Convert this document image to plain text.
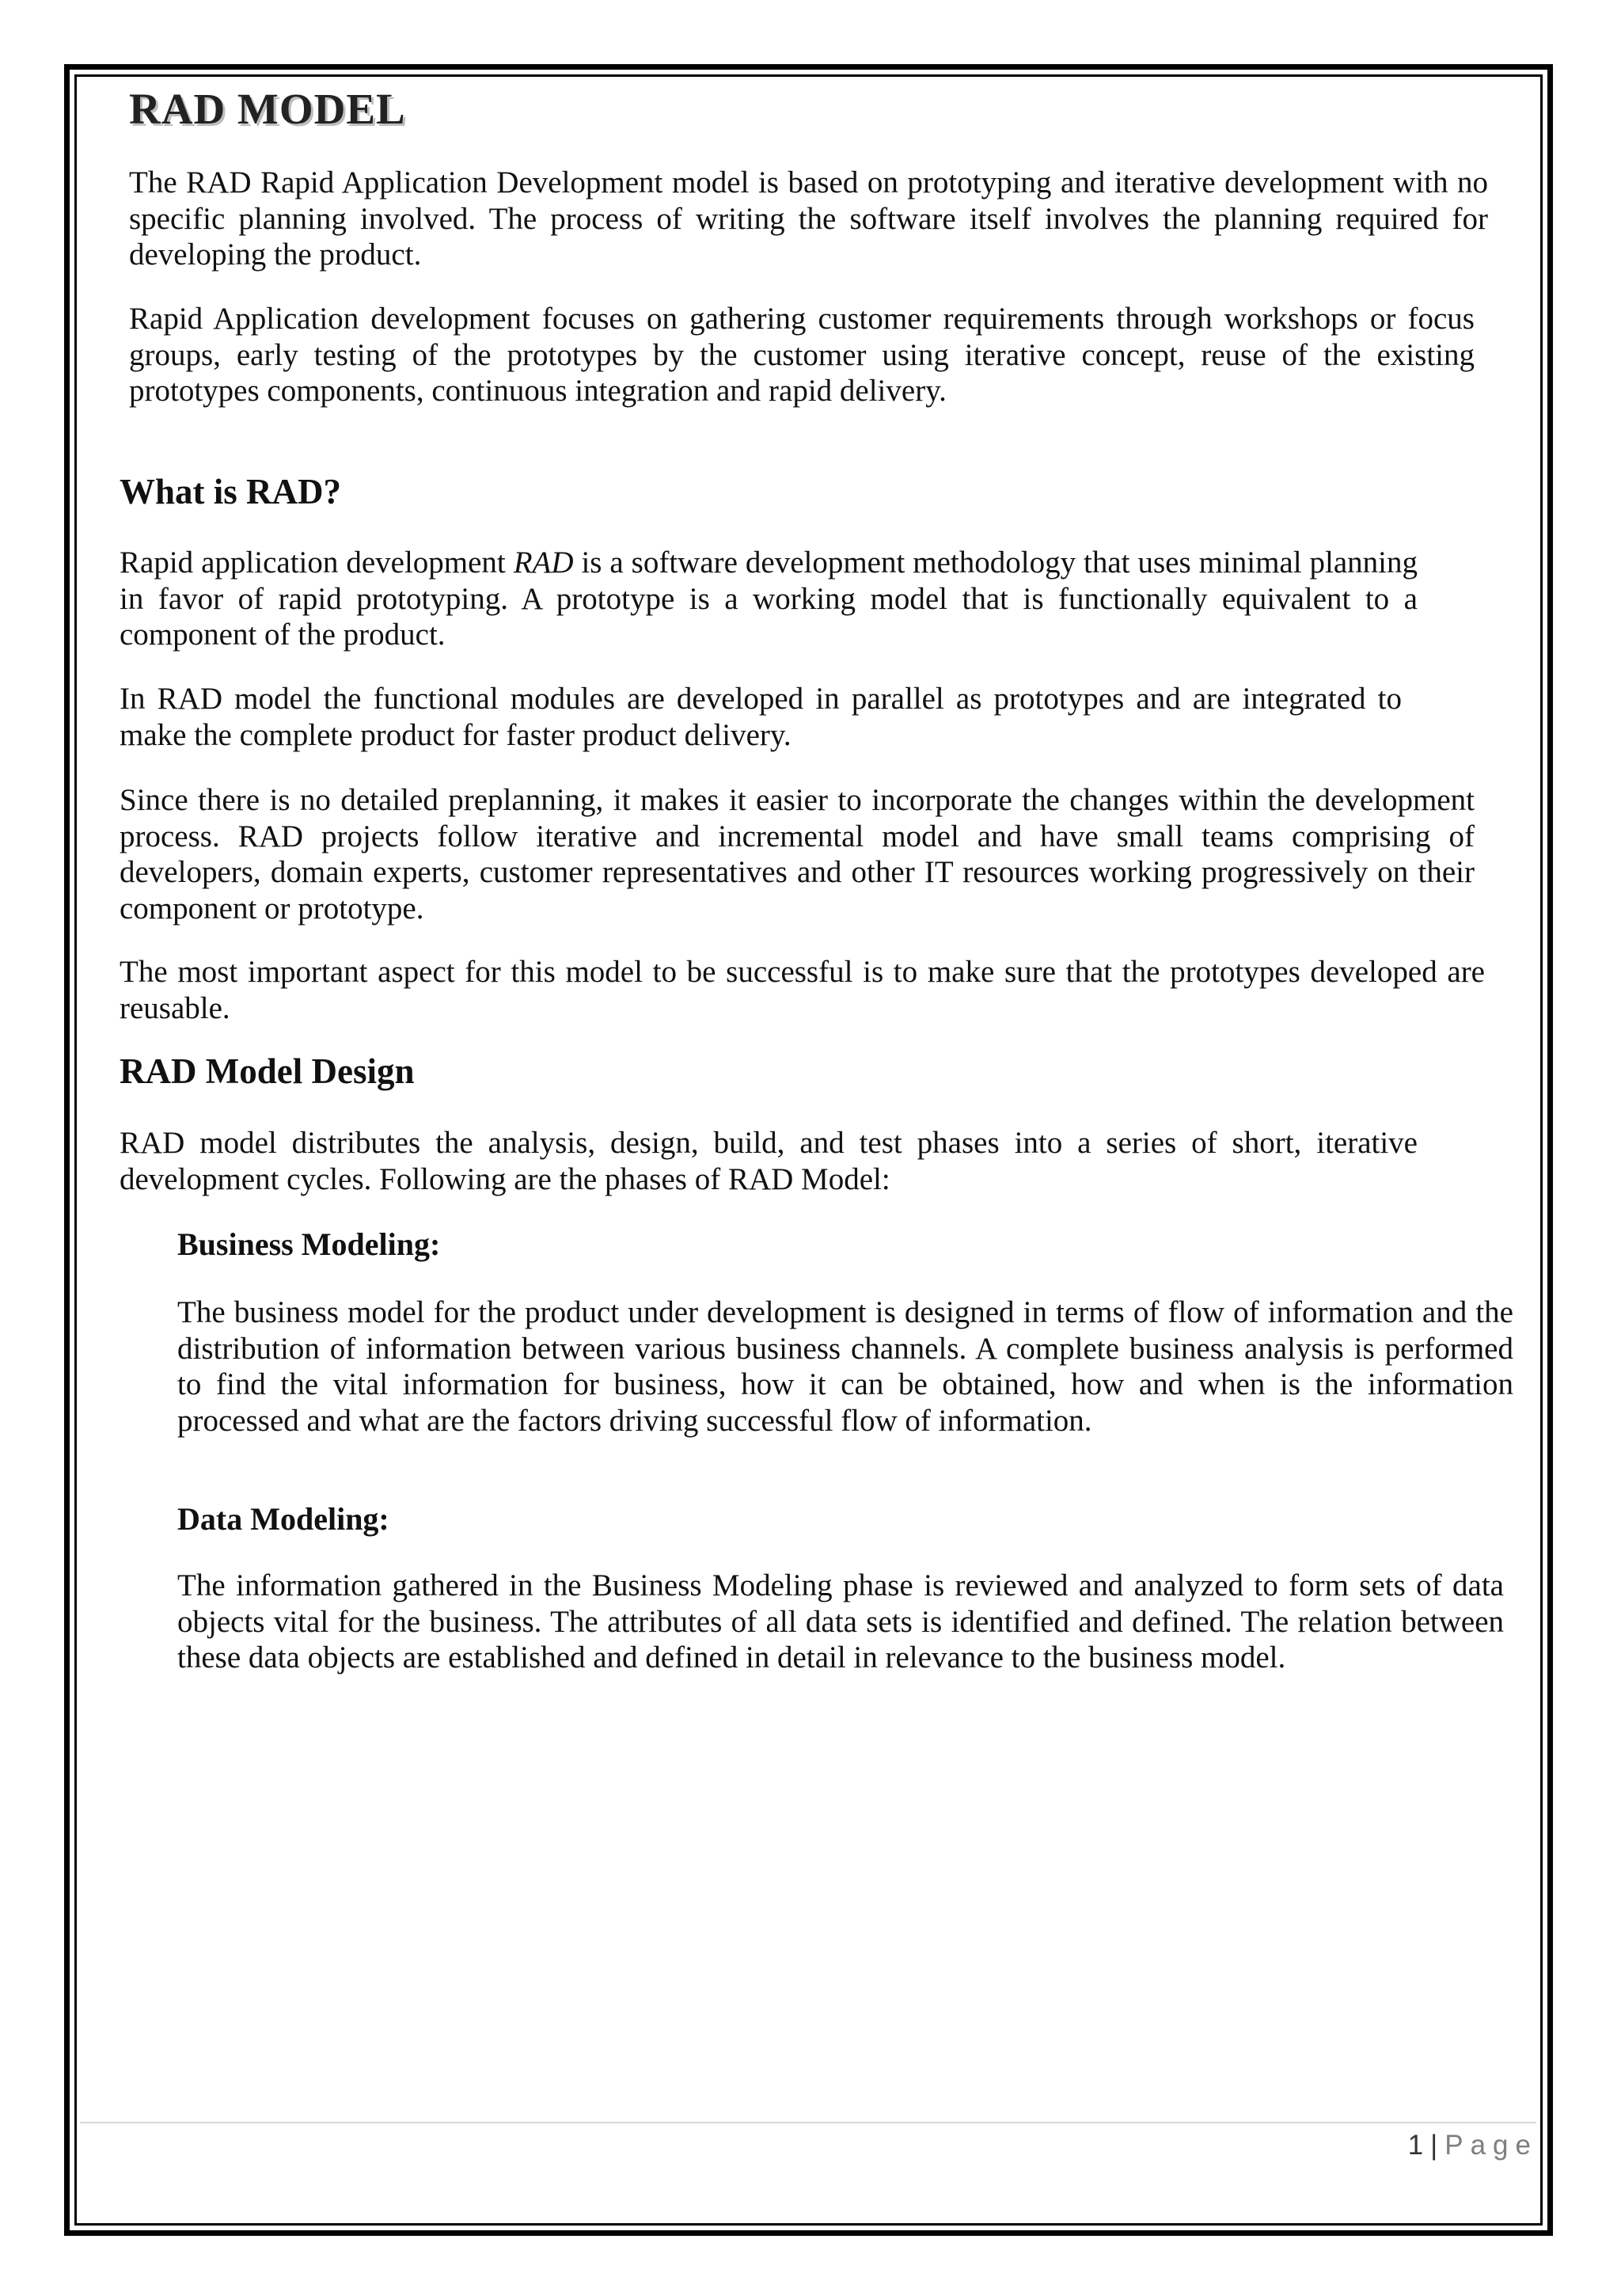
RAD MODEL

The RAD Rapid Application Development model is based on prototyping and iterative development with no specific planning involved. The process of writing the software itself involves the planning required for developing the product.

Rapid Application development focuses on gathering customer requirements through workshops or focus groups, early testing of the prototypes by the customer using iterative concept, reuse of the existing prototypes components, continuous integration and rapid delivery.

What is RAD?

Rapid application development RAD is a software development methodology that uses minimal planning in favor of rapid prototyping. A prototype is a working model that is functionally equivalent to a component of the product.

In RAD model the functional modules are developed in parallel as prototypes and are integrated to make the complete product for faster product delivery.

Since there is no detailed preplanning, it makes it easier to incorporate the changes within the development process. RAD projects follow iterative and incremental model and have small teams comprising of developers, domain experts, customer representatives and other IT resources working progressively on their component or prototype.

The most important aspect for this model to be successful is to make sure that the prototypes developed are reusable.

RAD Model Design

RAD model distributes the analysis, design, build, and test phases into a series of short, iterative development cycles. Following are the phases of RAD Model:

Business Modeling:

The business model for the product under development is designed in terms of flow of information and the distribution of information between various business channels. A complete business analysis is performed to find the vital information for business, how it can be obtained, how and when is the information processed and what are the factors driving successful flow of information.

Data Modeling:

The information gathered in the Business Modeling phase is reviewed and analyzed to form sets of data objects vital for the business. The attributes of all data sets is identified and defined. The relation between these data objects are established and defined in detail in relevance to the business model.

1 | Page
